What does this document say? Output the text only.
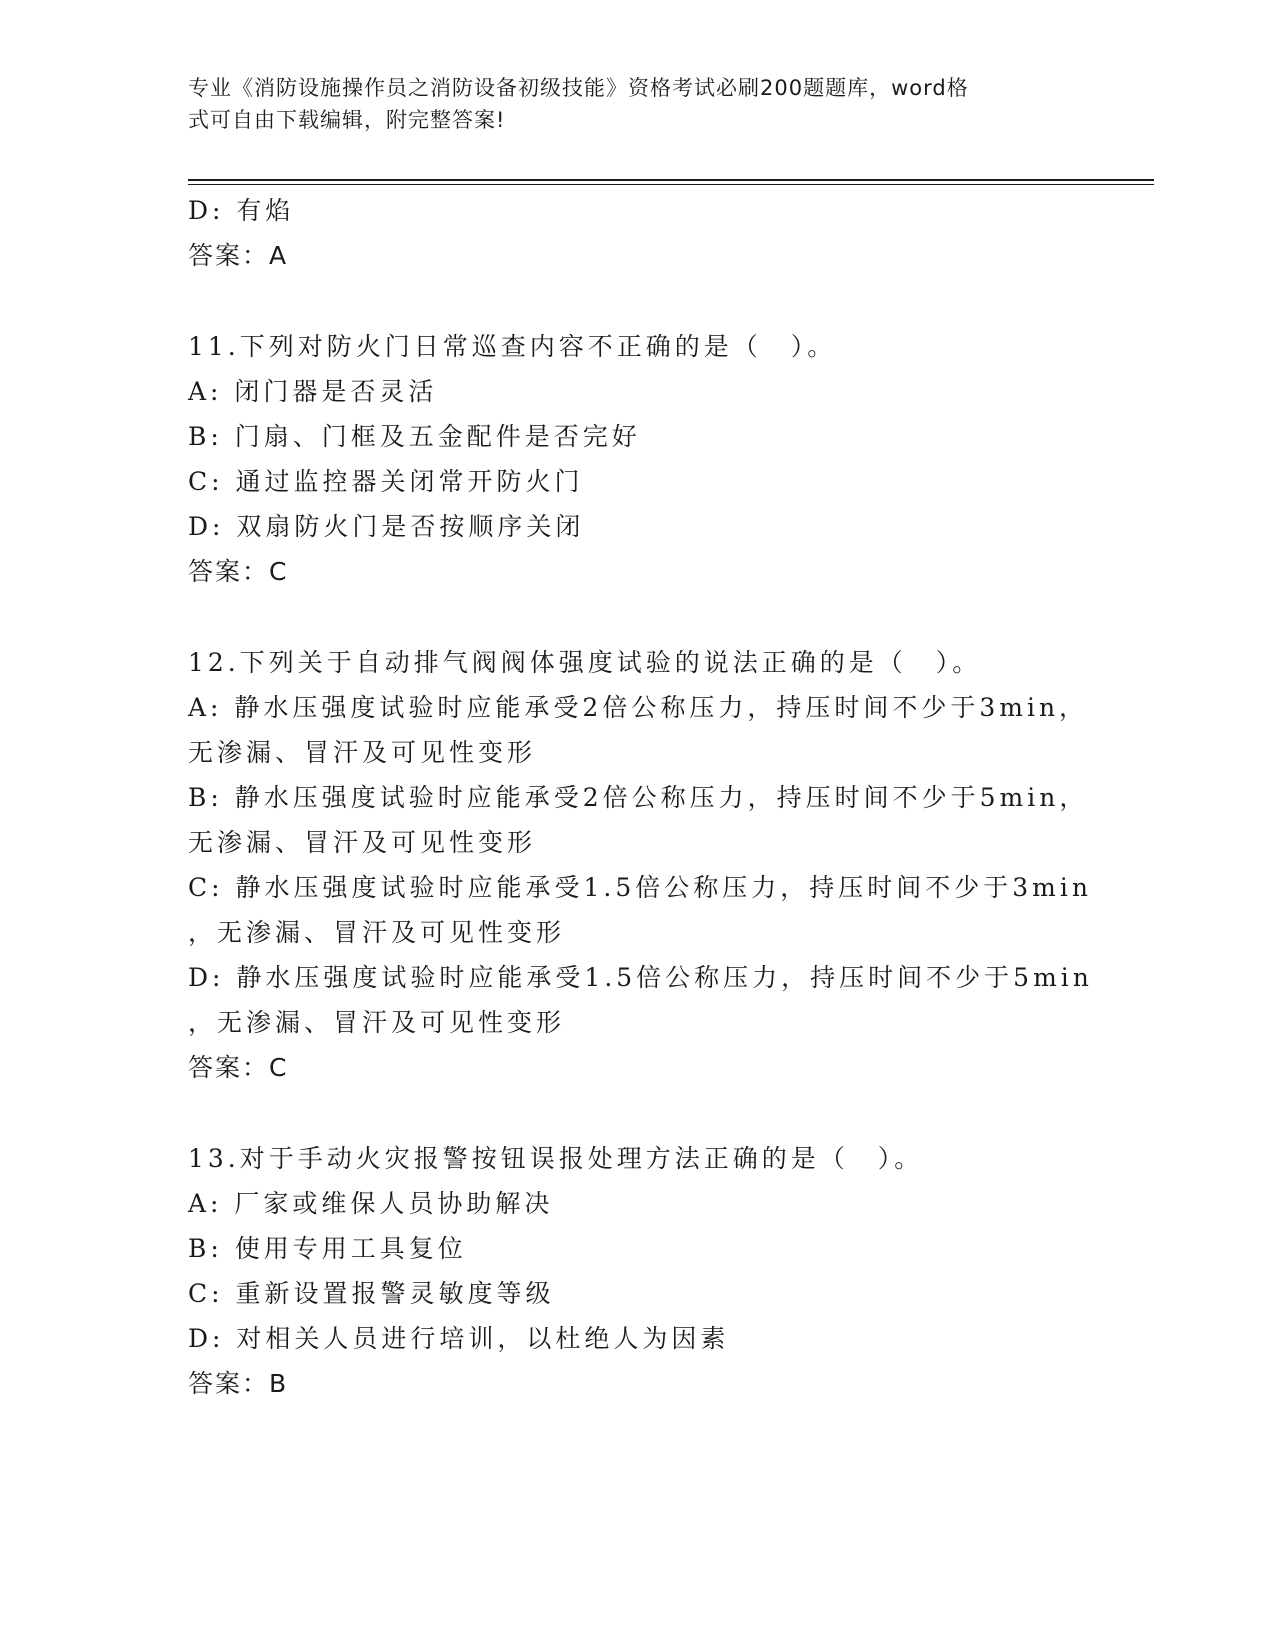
专业《消防设施操作员之消防设备初级技能》资格考试必刷200题题库，word格
式可自由下载编辑，附完整答案!
D: 有焰
答案：A
11.下列对防火门日常巡查内容不正确的是（　）。
A: 闭门器是否灵活
B: 门扇、门框及五金配件是否完好
C: 通过监控器关闭常开防火门
D: 双扇防火门是否按顺序关闭
答案：C
12.下列关于自动排气阀阀体强度试验的说法正确的是（　）。
A: 静水压强度试验时应能承受2倍公称压力，持压时间不少于3min，
无渗漏、冒汗及可见性变形
B: 静水压强度试验时应能承受2倍公称压力，持压时间不少于5min，
无渗漏、冒汗及可见性变形
C: 静水压强度试验时应能承受1.5倍公称压力，持压时间不少于3min
，无渗漏、冒汗及可见性变形
D: 静水压强度试验时应能承受1.5倍公称压力，持压时间不少于5min
，无渗漏、冒汗及可见性变形
答案：C
13.对于手动火灾报警按钮误报处理方法正确的是（　）。
A: 厂家或维保人员协助解决
B: 使用专用工具复位
C: 重新设置报警灵敏度等级
D: 对相关人员进行培训，以杜绝人为因素
答案：B
